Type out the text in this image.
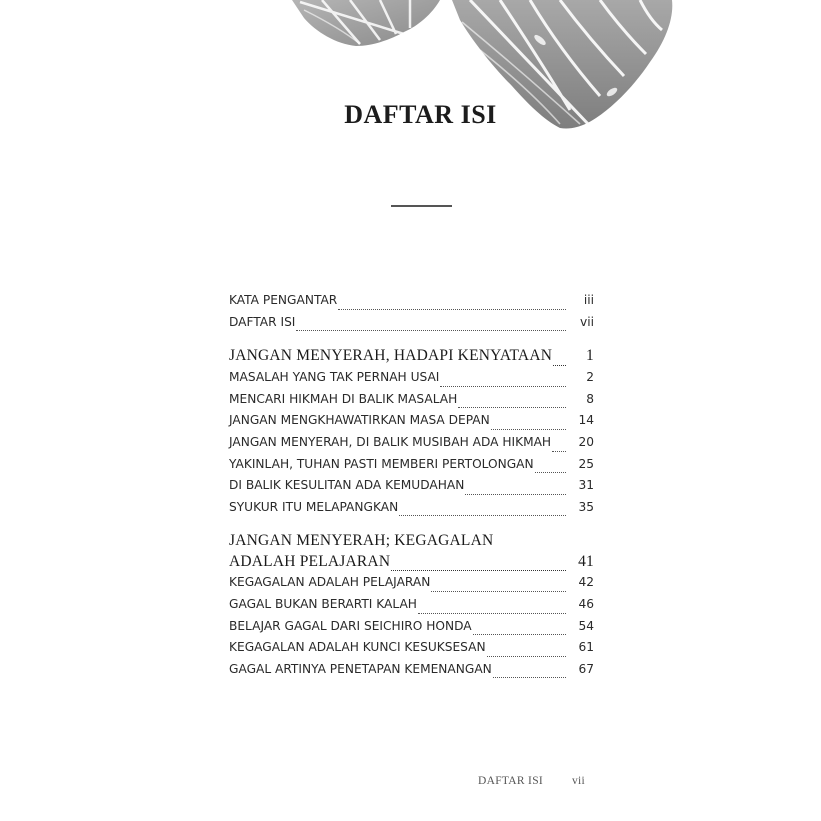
DAFTAR ISI
KATA PENGANTAR	iii
DAFTAR ISI	vii
JANGAN MENYERAH, HADAPI KENYATAAN	1
MASALAH YANG TAK PERNAH USAI	2
MENCARI HIKMAH DI BALIK MASALAH	8
JANGAN MENGKHAWATIRKAN MASA DEPAN	14
JANGAN MENYERAH, DI BALIK MUSIBAH ADA HIKMAH	20
YAKINLAH, TUHAN PASTI MEMBERI PERTOLONGAN	25
DI BALIK KESULITAN ADA KEMUDAHAN	31
SYUKUR ITU MELAPANGKAN	35
JANGAN MENYERAH; KEGAGALAN
ADALAH PELAJARAN	41
KEGAGALAN ADALAH PELAJARAN	42
GAGAL BUKAN BERARTI KALAH	46
BELAJAR GAGAL DARI SEICHIRO HONDA	54
KEGAGALAN ADALAH KUNCI KESUKSESAN	61
GAGAL ARTINYA PENETAPAN KEMENANGAN	67
DAFTAR ISI	vii
